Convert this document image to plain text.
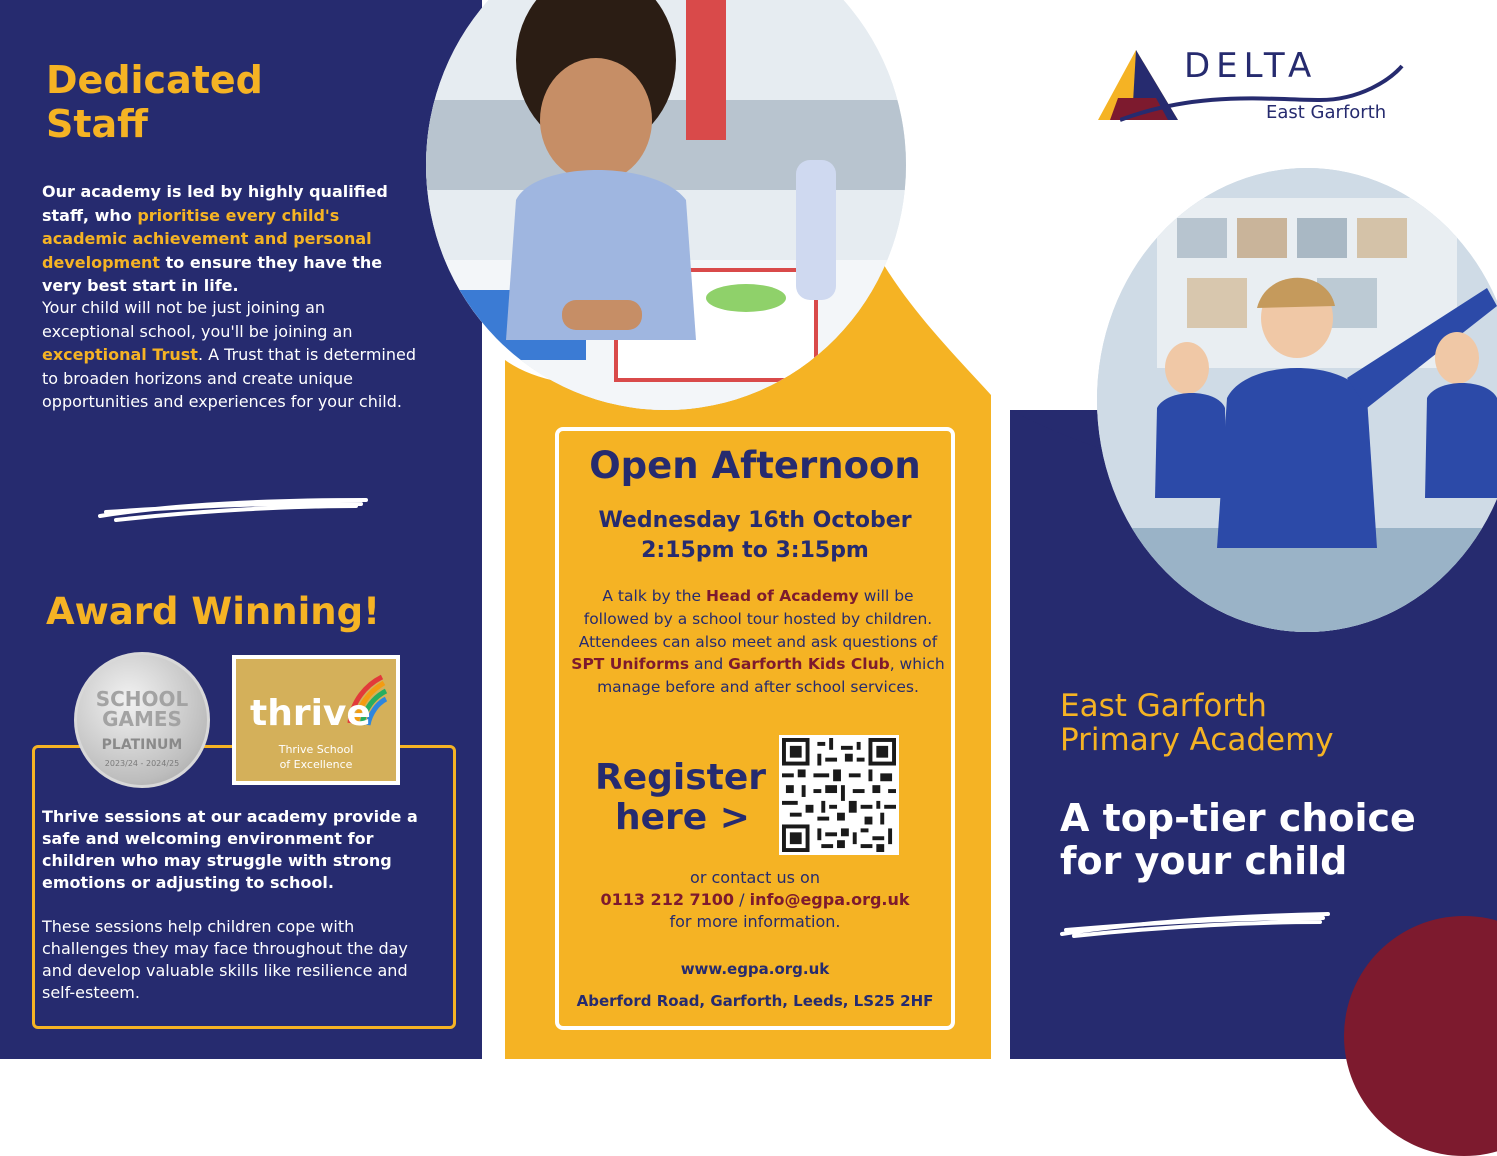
Dedicated Staff

Our academy is led by highly qualified staff, who prioritise every child's academic achievement and personal development to ensure they have the very best start in life.

Your child will not be just joining an exceptional school, you'll be joining an exceptional Trust. A Trust that is determined to broaden horizons and create unique opportunities and experiences for your child.

Award Winning!
SCHOOL GAMES
PLATINUM
2023/24 - 2024/25
thrive
Thrive School
of Excellence

Thrive sessions at our academy provide a safe and welcoming environment for children who may struggle with strong emotions or adjusting to school.

These sessions help children cope with challenges they may face throughout the day and develop valuable skills like resilience and self-esteem.

Open Afternoon
Wednesday 16th October
2:15pm to 3:15pm

A talk by the Head of Academy will be followed by a school tour hosted by children. Attendees can also meet and ask questions of SPT Uniforms and Garforth Kids Club, which manage before and after school services.

Register
here >
or contact us on
0113 212 7100 / info@egpa.org.uk
for more information.
www.egpa.org.uk
Aberford Road, Garforth, Leeds, LS25 2HF
DELTA
East Garforth
East Garforth
Primary Academy
A top-tier choice for your child
